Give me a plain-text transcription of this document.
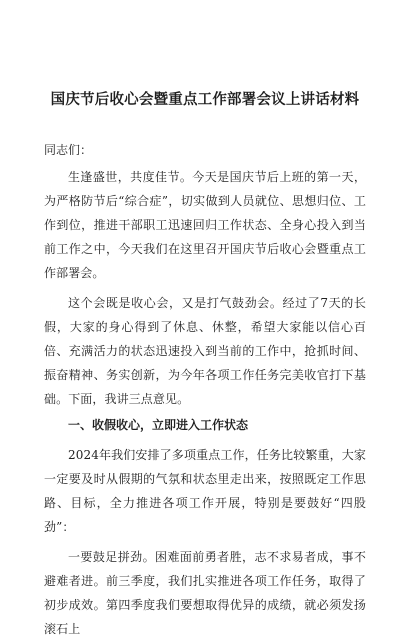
国庆节后收心会暨重点工作部署会议上讲话材料

同志们：

生逢盛世，共度佳节。今天是国庆节后上班的第一天，为严格防节后“综合症”，切实做到人员就位、思想归位、工作到位，推进干部职工迅速回归工作状态、全身心投入到当前工作之中，今天我们在这里召开国庆节后收心会暨重点工作部署会。

这个会既是收心会，又是打气鼓劲会。经过了7天的长假，大家的身心得到了休息、休整，希望大家能以信心百倍、充满活力的状态迅速投入到当前的工作中，抢抓时间、振奋精神、务实创新，为今年各项工作任务完美收官打下基础。下面，我讲三点意见。

一、收假收心，立即进入工作状态

2024年我们安排了多项重点工作，任务比较繁重，大家一定要及时从假期的气氛和状态里走出来，按照既定工作思路、目标，全力推进各项工作开展，特别是要鼓好“四股劲”：

一要鼓足拼劲。困难面前勇者胜，志不求易者成，事不避难者进。前三季度，我们扎实推进各项工作任务，取得了初步成效。第四季度我们要想取得优异的成绩，就必须发扬滚石上
